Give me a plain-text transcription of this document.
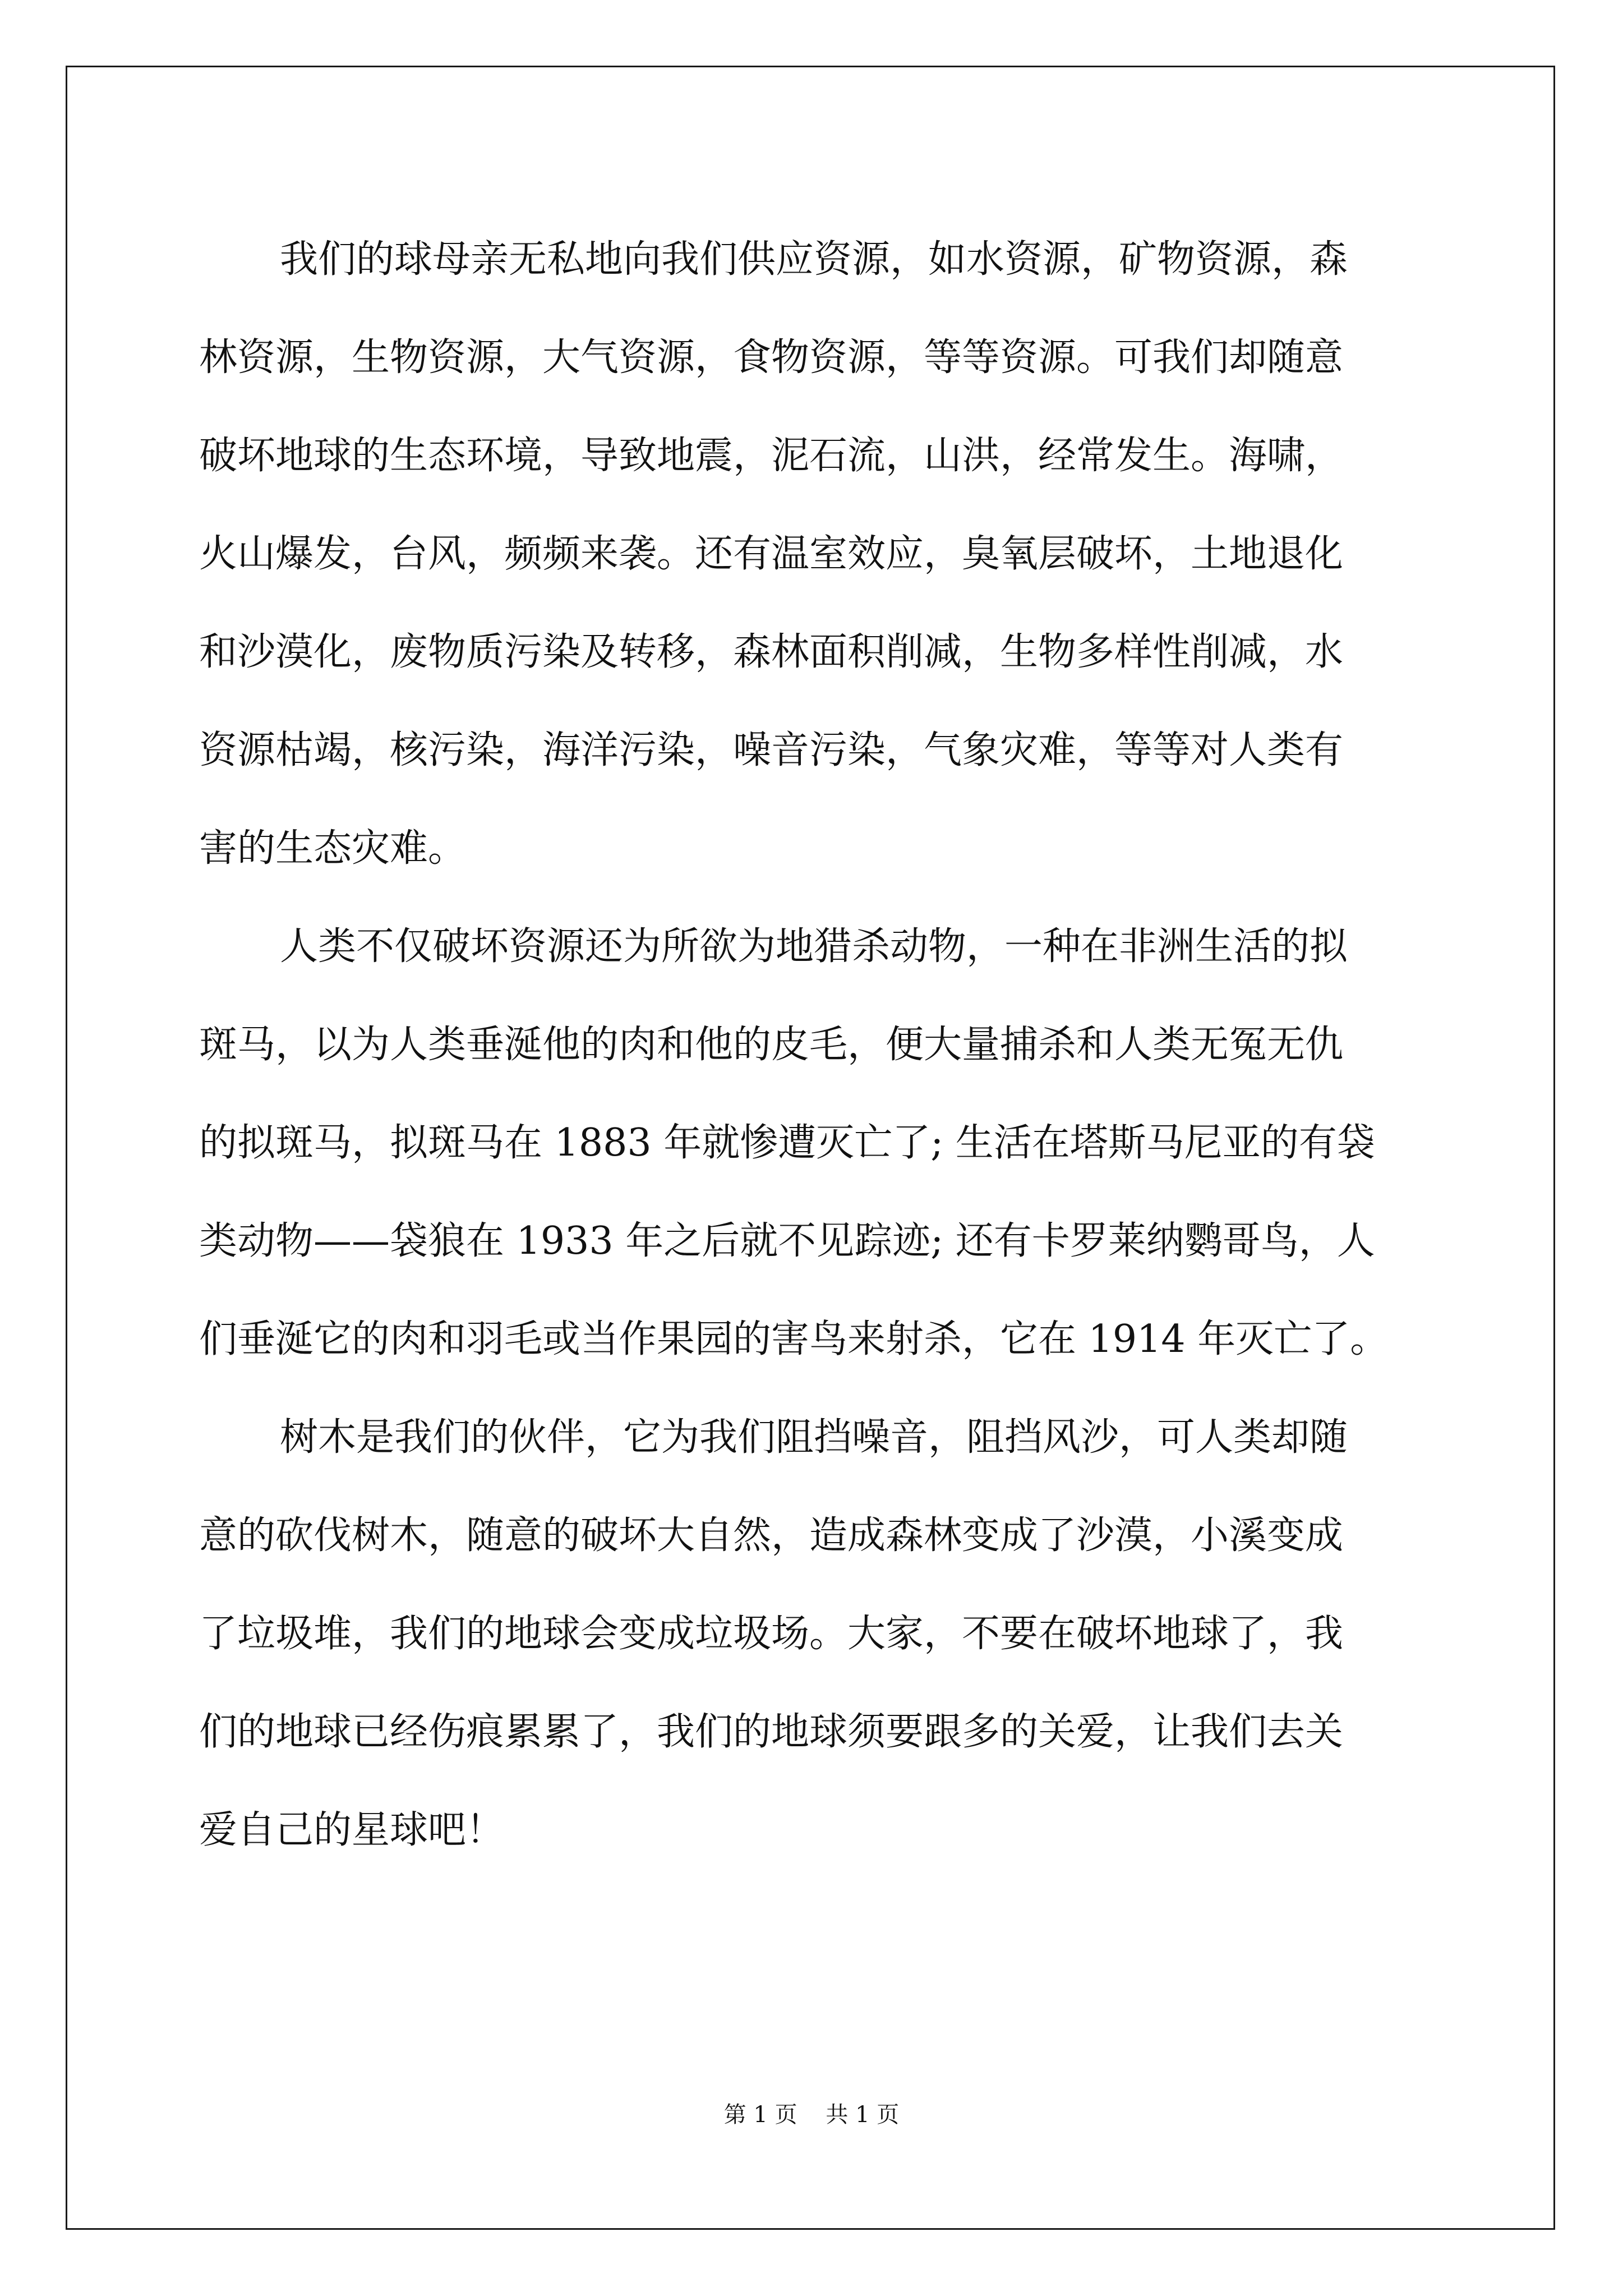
我们的球母亲无私地向我们供应资源，如水资源，矿物资源，森
林资源，生物资源，大气资源，食物资源，等等资源。可我们却随意
破坏地球的生态环境，导致地震，泥石流，山洪，经常发生。海啸，
火山爆发，台风，频频来袭。还有温室效应，臭氧层破坏，土地退化
和沙漠化，废物质污染及转移，森林面积削减，生物多样性削减，水
资源枯竭，核污染，海洋污染，噪音污染，气象灾难，等等对人类有
害的生态灾难。
人类不仅破坏资源还为所欲为地猎杀动物，一种在非洲生活的拟
斑马，以为人类垂涎他的肉和他的皮毛，便大量捕杀和人类无冤无仇
的拟斑马，拟斑马在 1883 年就惨遭灭亡了; 生活在塔斯马尼亚的有袋
类动物——袋狼在 1933 年之后就不见踪迹; 还有卡罗莱纳鹦哥鸟，人
们垂涎它的肉和羽毛或当作果园的害鸟来射杀，它在 1914 年灭亡了。
树木是我们的伙伴，它为我们阻挡噪音，阻挡风沙，可人类却随
意的砍伐树木，随意的破坏大自然，造成森林变成了沙漠，小溪变成
了垃圾堆，我们的地球会变成垃圾场。大家，不要在破坏地球了，我
们的地球已经伤痕累累了，我们的地球须要跟多的关爱，让我们去关
爱自己的星球吧！
第 1 页    共 1 页
